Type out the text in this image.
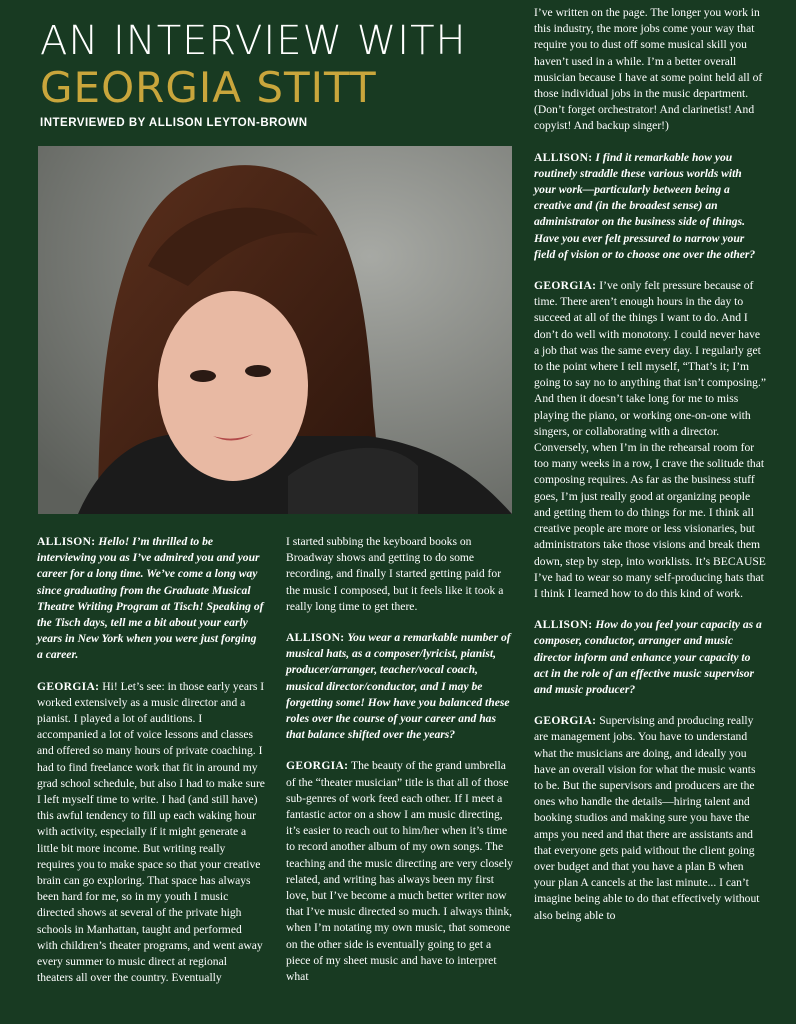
AN INTERVIEW WITH
GEORGIA STITT
INTERVIEWED BY ALLISON LEYTON-BROWN

ALLISON: Hello! I’m thrilled to be interviewing you as I’ve admired you and your career for a long time. We’ve come a long way since graduating from the Graduate Musical Theatre Writing Program at Tisch! Speaking of the Tisch days, tell me a bit about your early years in New York when you were just forging a career.

GEORGIA: Hi! Let’s see: in those early years I worked extensively as a music director and a pianist. I played a lot of auditions. I accompanied a lot of voice lessons and classes and offered so many hours of private coaching. I had to find freelance work that fit in around my grad school schedule, but also I had to make sure I left myself time to write. I had (and still have) this awful tendency to fill up each waking hour with activity, especially if it might generate a little bit more income. But writing really requires you to make space so that your creative brain can go exploring. That space has always been hard for me, so in my youth I music directed shows at several of the private high schools in Manhattan, taught and performed with children’s theater programs, and went away every summer to music direct at regional theaters all over the country. Eventually

I started subbing the keyboard books on Broadway shows and getting to do some recording, and finally I started getting paid for the music I composed, but it feels like it took a really long time to get there.

ALLISON: You wear a remarkable number of musical hats, as a composer/lyricist, pianist, producer/arranger, teacher/vocal coach, musical director/conductor, and I may be forgetting some! How have you balanced these roles over the course of your career and has that balance shifted over the years?

GEORGIA: The beauty of the grand umbrella of the “theater musician” title is that all of those sub-genres of work feed each other. If I meet a fantastic actor on a show I am music directing, it’s easier to reach out to him/her when it’s time to record another album of my own songs. The teaching and the music directing are very closely related, and writing has always been my first love, but I’ve become a much better writer now that I’ve music directed so much. I always think, when I’m notating my own music, that someone on the other side is eventually going to get a piece of my sheet music and have to interpret what

I’ve written on the page. The longer you work in this industry, the more jobs come your way that require you to dust off some musical skill you haven’t used in a while. I’m a better overall musician because I have at some point held all of those individual jobs in the music department. (Don’t forget orchestrator! And clarinetist! And copyist! And backup singer!)

ALLISON: I find it remarkable how you routinely straddle these various worlds with your work—particularly between being a creative and (in the broadest sense) an administrator on the business side of things. Have you ever felt pressured to narrow your field of vision or to choose one over the other?

GEORGIA: I’ve only felt pressure because of time. There aren’t enough hours in the day to succeed at all of the things I want to do. And I don’t do well with monotony. I could never have a job that was the same every day. I regularly get to the point where I tell myself, “That’s it; I’m going to say no to anything that isn’t composing.” And then it doesn’t take long for me to miss playing the piano, or working one-on-one with singers, or collaborating with a director. Conversely, when I’m in the rehearsal room for too many weeks in a row, I crave the solitude that composing requires. As far as the business stuff goes, I’m just really good at organizing people and getting them to do things for me. I think all creative people are more or less visionaries, but administrators take those visions and break them down, step by step, into worklists. It’s BECAUSE I’ve had to wear so many self-producing hats that I think I learned how to do this kind of work.

ALLISON: How do you feel your capacity as a composer, conductor, arranger and music director inform and enhance your capacity to act in the role of an effective music supervisor and music producer?

GEORGIA: Supervising and producing really are management jobs. You have to understand what the musicians are doing, and ideally you have an overall vision for what the music wants to be. But the supervisors and producers are the ones who handle the details—hiring talent and booking studios and making sure you have the amps you need and that there are assistants and that everyone gets paid without the client going over budget and that you have a plan B when your plan A cancels at the last minute... I can’t imagine being able to do that effectively without also being able to
